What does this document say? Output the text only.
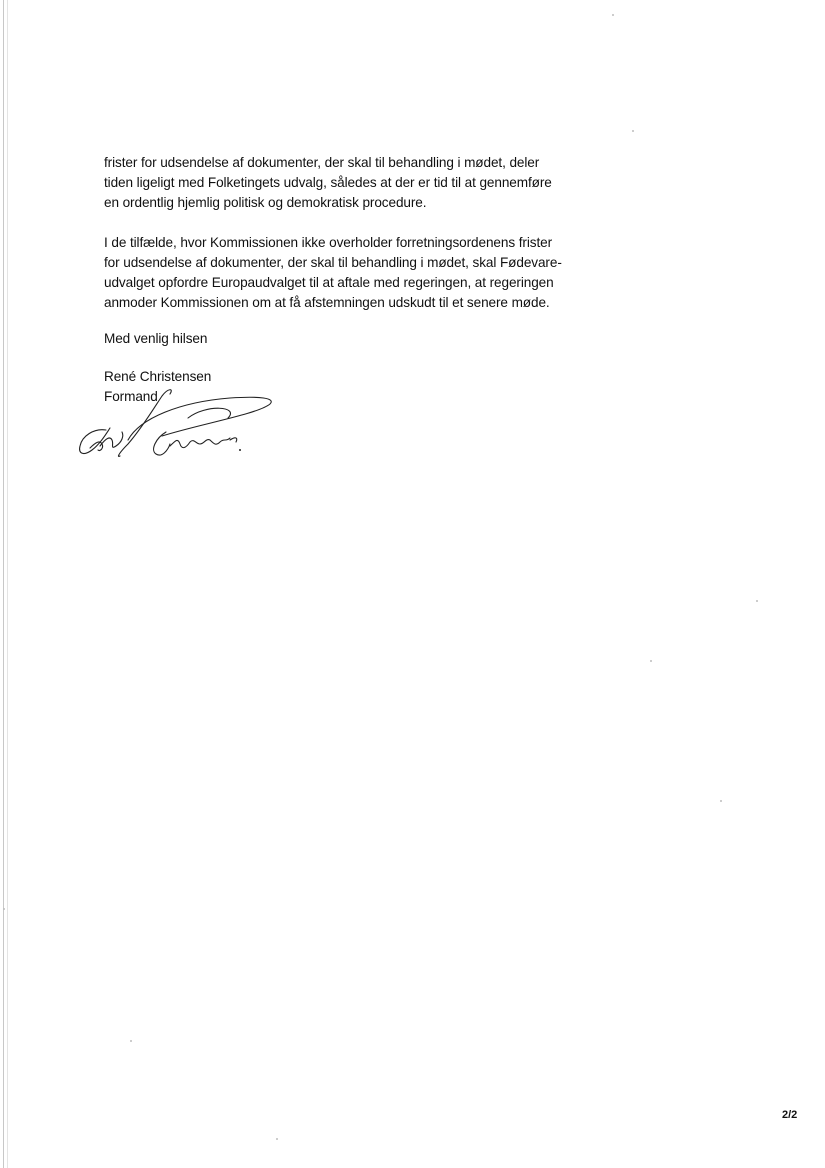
frister for udsendelse af dokumenter, der skal til behandling i mødet, deler
tiden ligeligt med Folketingets udvalg, således at der er tid til at gennemføre
en ordentlig hjemlig politisk og demokratisk procedure.
I de tilfælde, hvor Kommissionen ikke overholder forretningsordenens frister
for udsendelse af dokumenter, der skal til behandling i mødet, skal Fødevare-
udvalget opfordre Europaudvalget til at aftale med regeringen, at regeringen
anmoder Kommissionen om at få afstemningen udskudt til et senere møde.
Med venlig hilsen
René Christensen
Formand
2/2
